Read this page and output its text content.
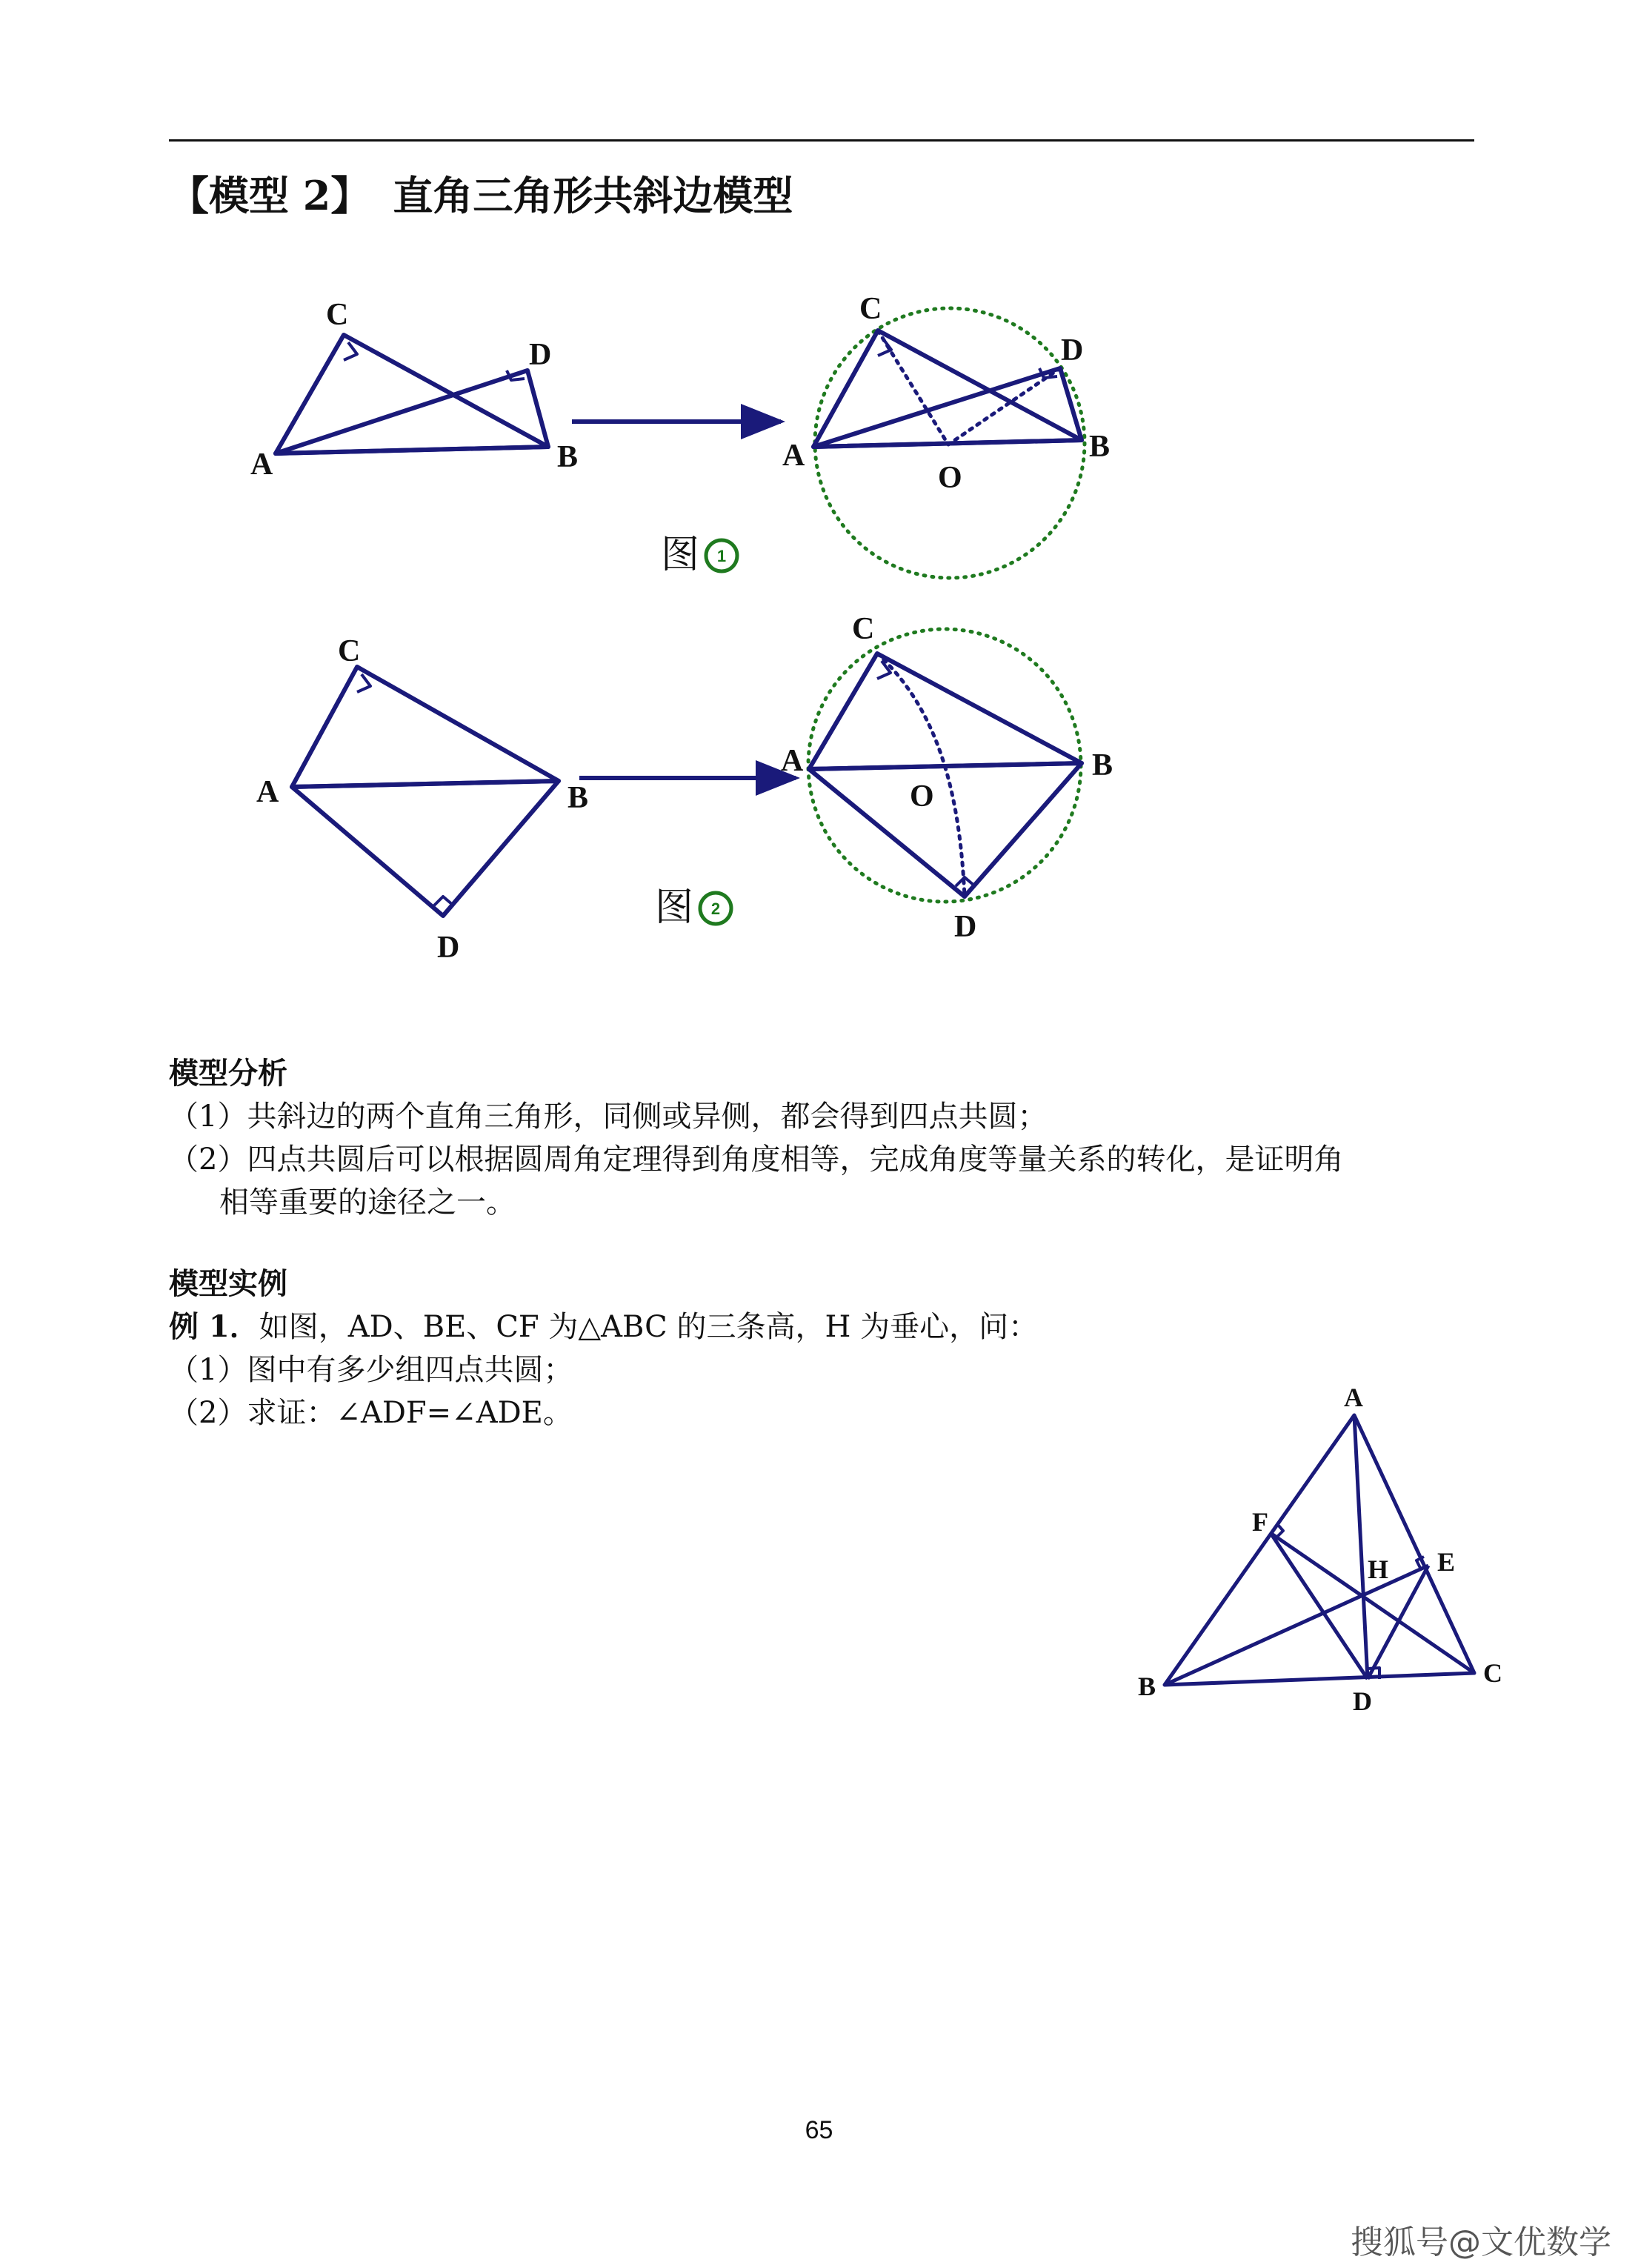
【模型 2】 直角三角形共斜边模型
C
D
A	B
C
D
A	B
O
图 1
C
A	B
D
C
A	B
O
D
图 2
A
B	C
D
E
F
H
模型分析
（1）共斜边的两个直角三角形，同侧或异侧，都会得到四点共圆；
（2）四点共圆后可以根据圆周角定理得到角度相等，完成角度等量关系的转化，是证明角
相等重要的途径之一。
模型实例
例 1．如图，AD、BE、CF 为△ABC 的三条高，H 为垂心，问：
（1）图中有多少组四点共圆；
（2）求证：∠ADF=∠ADE。
65
搜狐号@文优数学
